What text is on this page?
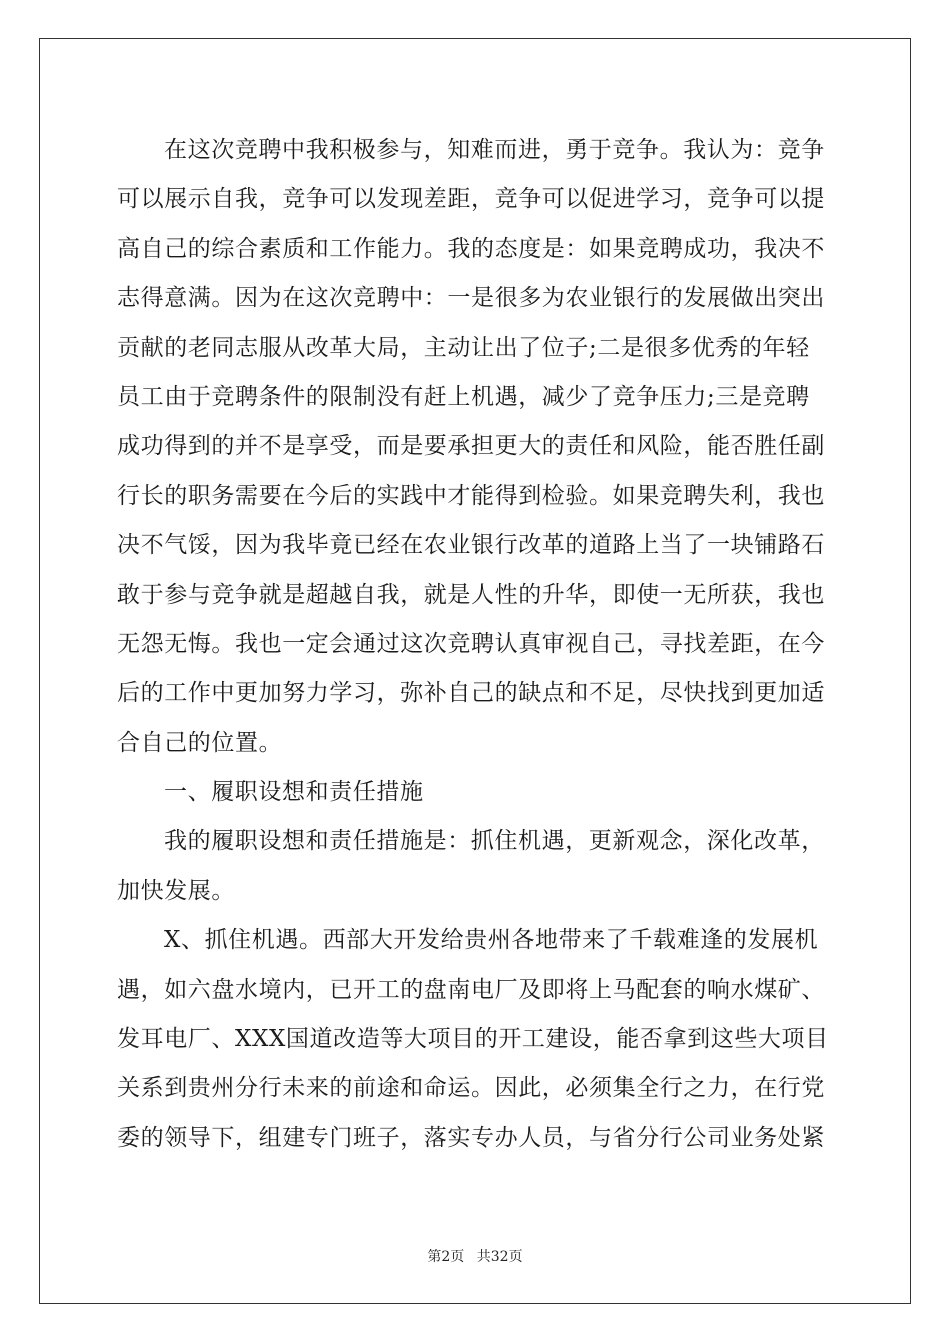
在这次竞聘中我积极参与，知难而进，勇于竞争。我认为：竞争
可以展示自我，竞争可以发现差距，竞争可以促进学习，竞争可以提
高自己的综合素质和工作能力。我的态度是：如果竞聘成功，我决不
志得意满。因为在这次竞聘中：一是很多为农业银行的发展做出突出
贡献的老同志服从改革大局，主动让出了位子;二是很多优秀的年轻
员工由于竞聘条件的限制没有赶上机遇，减少了竞争压力;三是竞聘
成功得到的并不是享受，而是要承担更大的责任和风险，能否胜任副
行长的职务需要在今后的实践中才能得到检验。如果竞聘失利，我也
决不气馁，因为我毕竟已经在农业银行改革的道路上当了一块铺路石
敢于参与竞争就是超越自我，就是人性的升华，即使一无所获，我也
无怨无悔。我也一定会通过这次竞聘认真审视自己，寻找差距，在今
后的工作中更加努力学习，弥补自己的缺点和不足，尽快找到更加适
合自己的位置。
一、履职设想和责任措施
我的履职设想和责任措施是：抓住机遇，更新观念，深化改革，
加快发展。
X、抓住机遇。西部大开发给贵州各地带来了千载难逢的发展机
遇，如六盘水境内，已开工的盘南电厂及即将上马配套的响水煤矿、
发耳电厂、XXX国道改造等大项目的开工建设，能否拿到这些大项目
关系到贵州分行未来的前途和命运。因此，必须集全行之力，在行党
委的领导下，组建专门班子，落实专办人员，与省分行公司业务处紧
第2页 共32页
